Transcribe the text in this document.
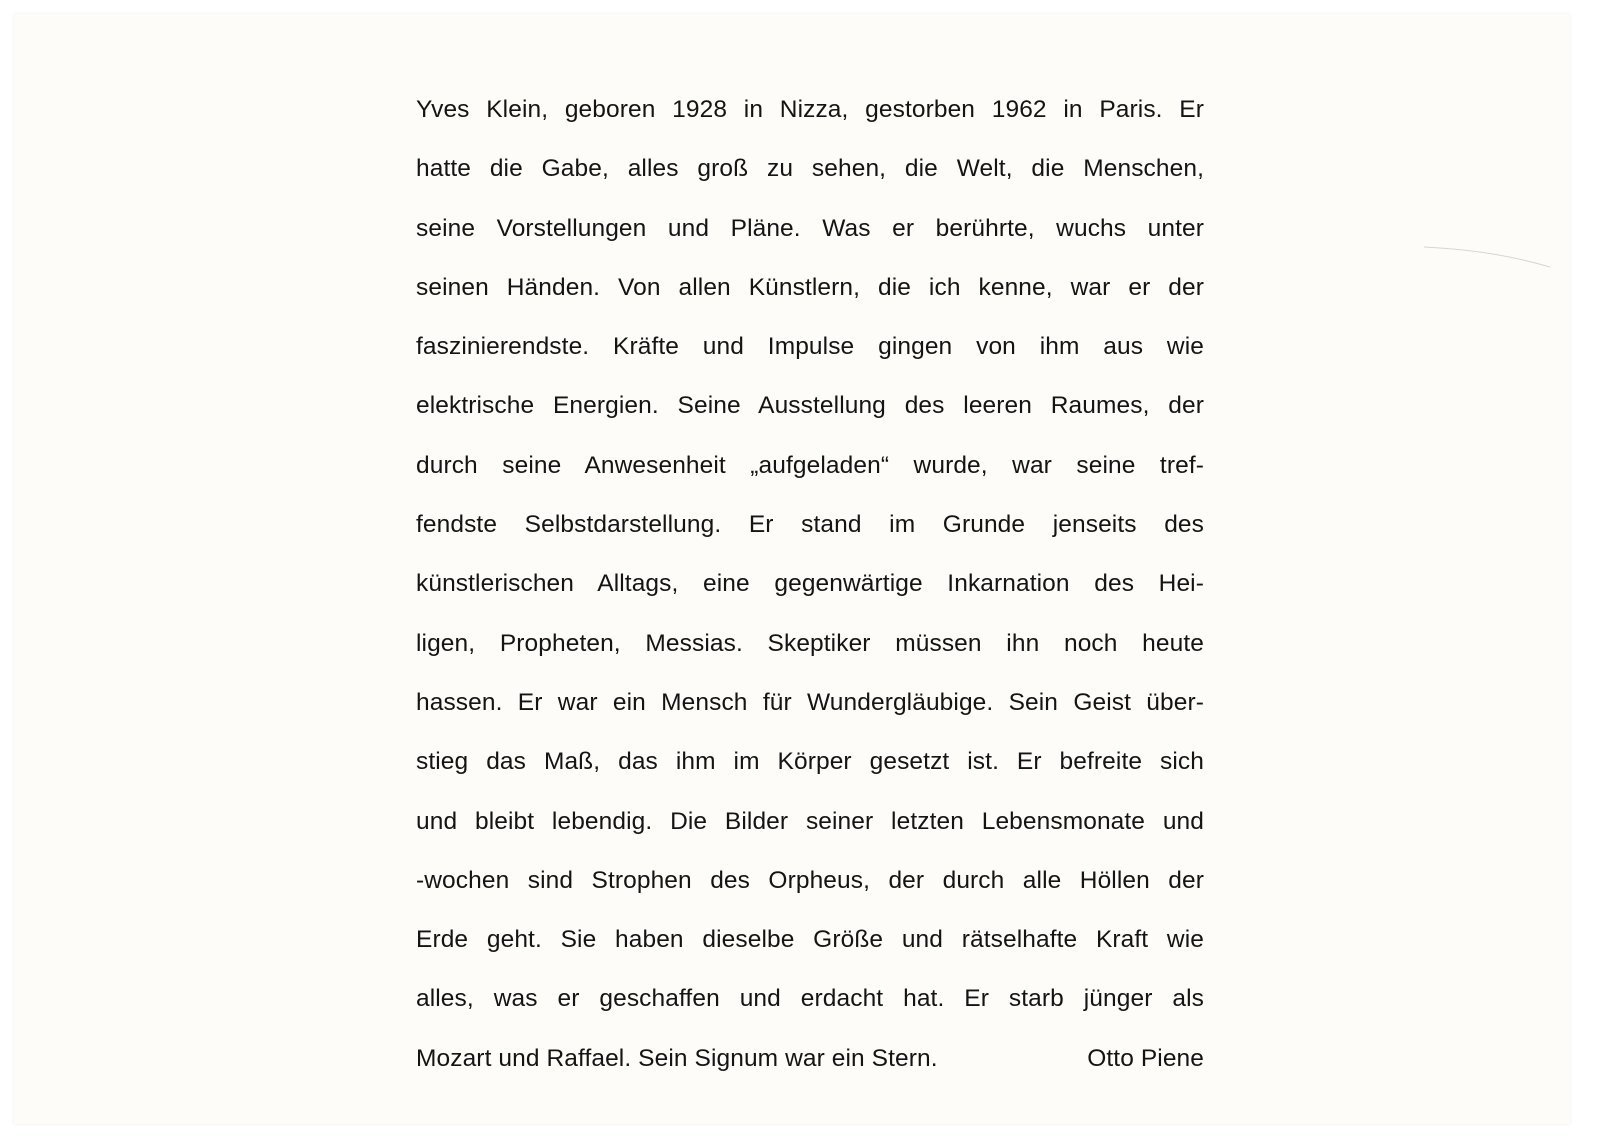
Yves Klein, geboren 1928 in Nizza, gestorben 1962 in Paris. Er
hatte die Gabe, alles groß zu sehen, die Welt, die Menschen,
seine Vorstellungen und Pläne. Was er berührte, wuchs unter
seinen Händen. Von allen Künstlern, die ich kenne, war er der
faszinierendste. Kräfte und Impulse gingen von ihm aus wie
elektrische Energien. Seine Ausstellung des leeren Raumes, der
durch seine Anwesenheit „aufgeladen“ wurde, war seine tref-
fendste Selbstdarstellung. Er stand im Grunde jenseits des
künstlerischen Alltags, eine gegenwärtige Inkarnation des Hei-
ligen, Propheten, Messias. Skeptiker müssen ihn noch heute
hassen. Er war ein Mensch für Wundergläubige. Sein Geist über-
stieg das Maß, das ihm im Körper gesetzt ist. Er befreite sich
und bleibt lebendig. Die Bilder seiner letzten Lebensmonate und
-wochen sind Strophen des Orpheus, der durch alle Höllen der
Erde geht. Sie haben dieselbe Größe und rätselhafte Kraft wie
alles, was er geschaffen und erdacht hat. Er starb jünger als
Mozart und Raffael. Sein Signum war ein Stern.	Otto Piene
